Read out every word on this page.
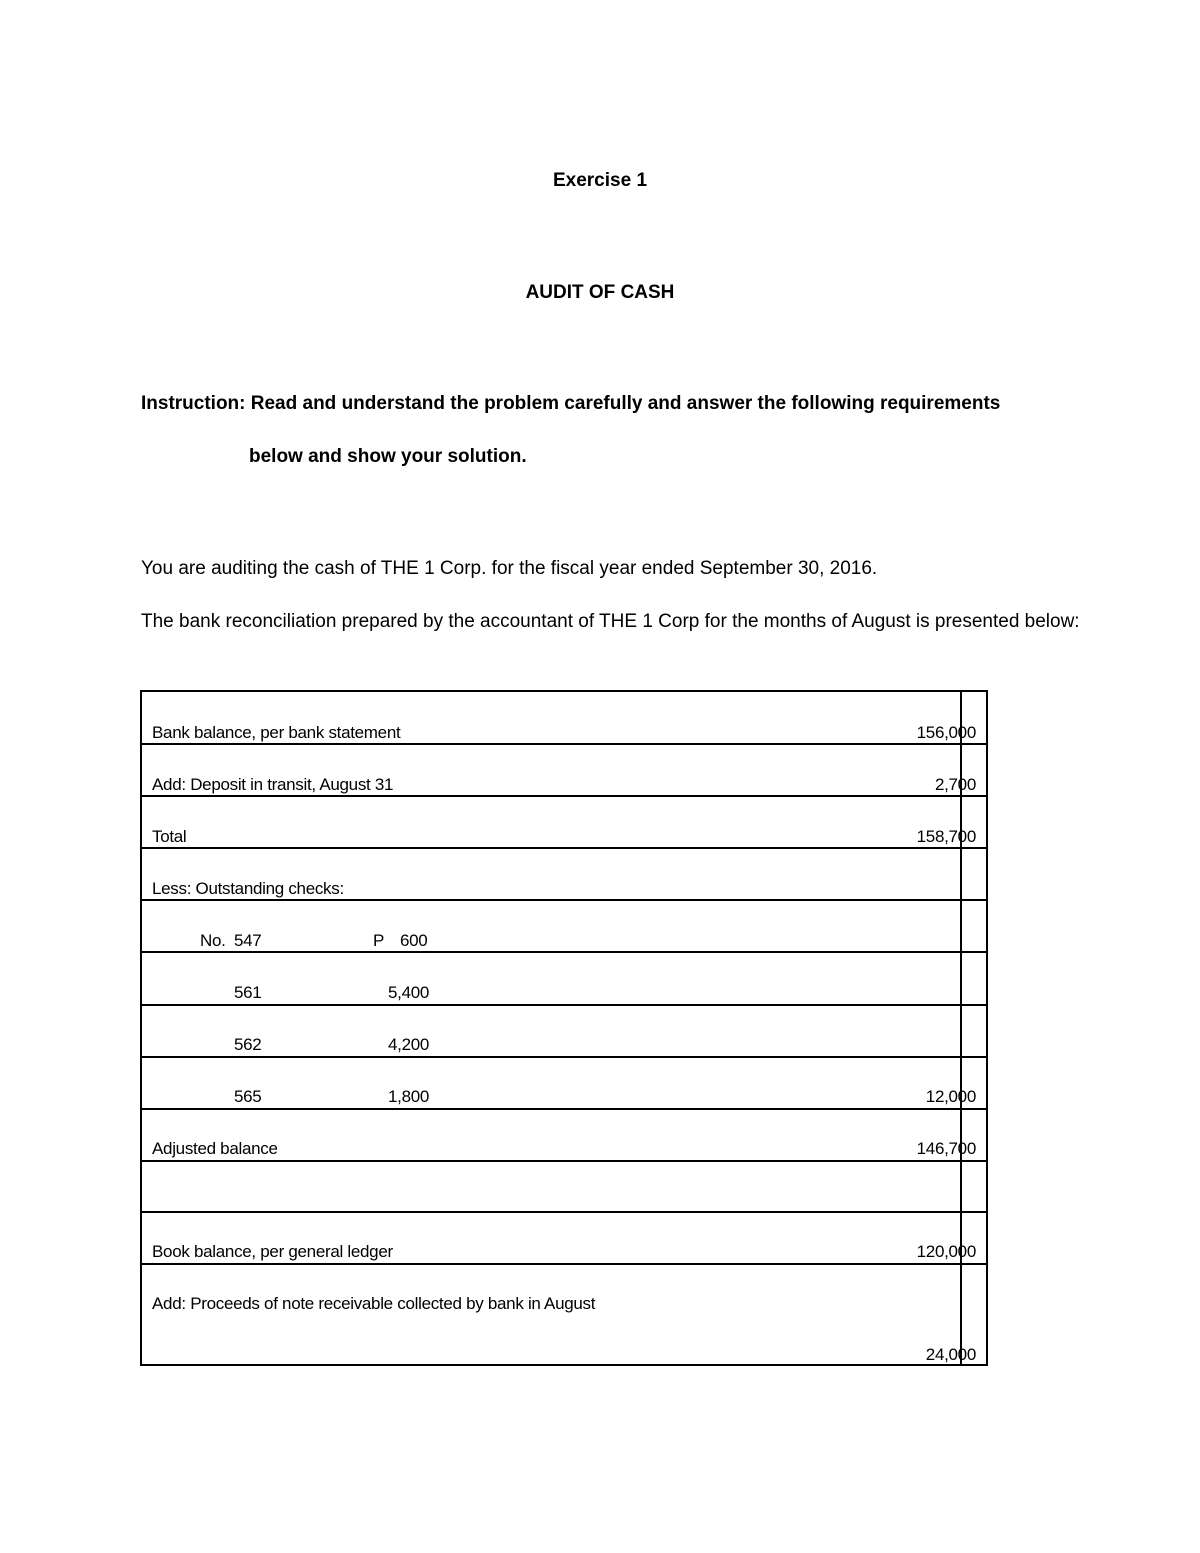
Exercise 1
AUDIT OF CASH
Instruction: Read and understand the problem carefully and answer the following requirements
below and show your solution.
You are auditing the cash of THE 1 Corp. for the fiscal year ended September 30, 2016.
The bank reconciliation prepared by the accountant of THE 1 Corp for the months of August is presented below:
Bank balance, per bank statement	156,000
Add: Deposit in transit, August 31	2,700
Total	158,700
Less: Outstanding checks:
No. 547	P 600
561	5,400
562	4,200
565	1,800	12,000
Adjusted balance	146,700
Book balance, per general ledger	120,000
Add: Proceeds of note receivable collected by bank in August
24,000
